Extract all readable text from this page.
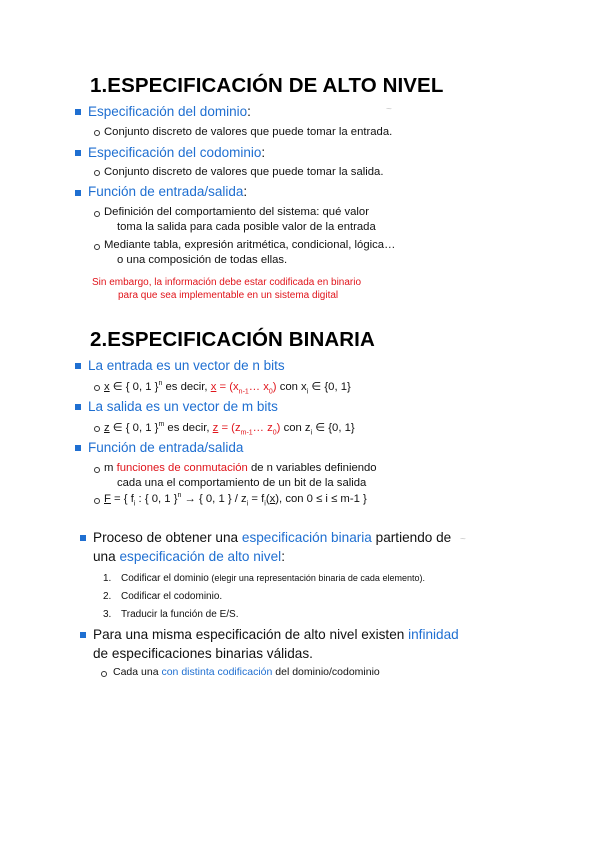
1.ESPECIFICACIÓN DE ALTO NIVEL
~
Especificación del dominio:
Conjunto discreto de valores que puede tomar la entrada.
Especificación del codominio:
Conjunto discreto de valores que puede tomar la salida.
Función de entrada/salida:
Definición del comportamiento del sistema: qué valor
toma la salida para cada posible valor de la entrada
Mediante tabla, expresión aritmética, condicional, lógica…
o una composición de todas ellas.
Sin embargo, la información debe estar codificada en binario
para que sea implementable en un sistema digital
2.ESPECIFICACIÓN BINARIA
La entrada es un vector de n bits
x ∈ { 0, 1 }$^n$ es decir, $x = (x_{n-1}\dots$ $x_0$) con $x_i$ ∈ {0, 1}
La salida es un vector de m bits
z ∈ { 0, 1 }$^m$ es decir, $z = (z_{m-1}\dots$ $z_0$) con $z_i$ ∈ {0, 1}
Función de entrada/salida
m funciones de conmutación de n variables definiendo
cada una el comportamiento de un bit de la salida
F = { $f_i$ : { 0, 1 }$^n$ → { 0, 1 } / $z_i = f_i(x)$, con 0 ≤ i ≤ m-1 }
Proceso de obtener una especificación binaria partiendo de ~
una especificación de alto nivel:
1. Codificar el dominio (elegir una representación binaria de cada elemento).
2. Codificar el codominio.
3. Traducir la función de E/S.
Para una misma especificación de alto nivel existen infinidad
de especificaciones binarias válidas.
Cada una con distinta codificación del dominio/codominio
